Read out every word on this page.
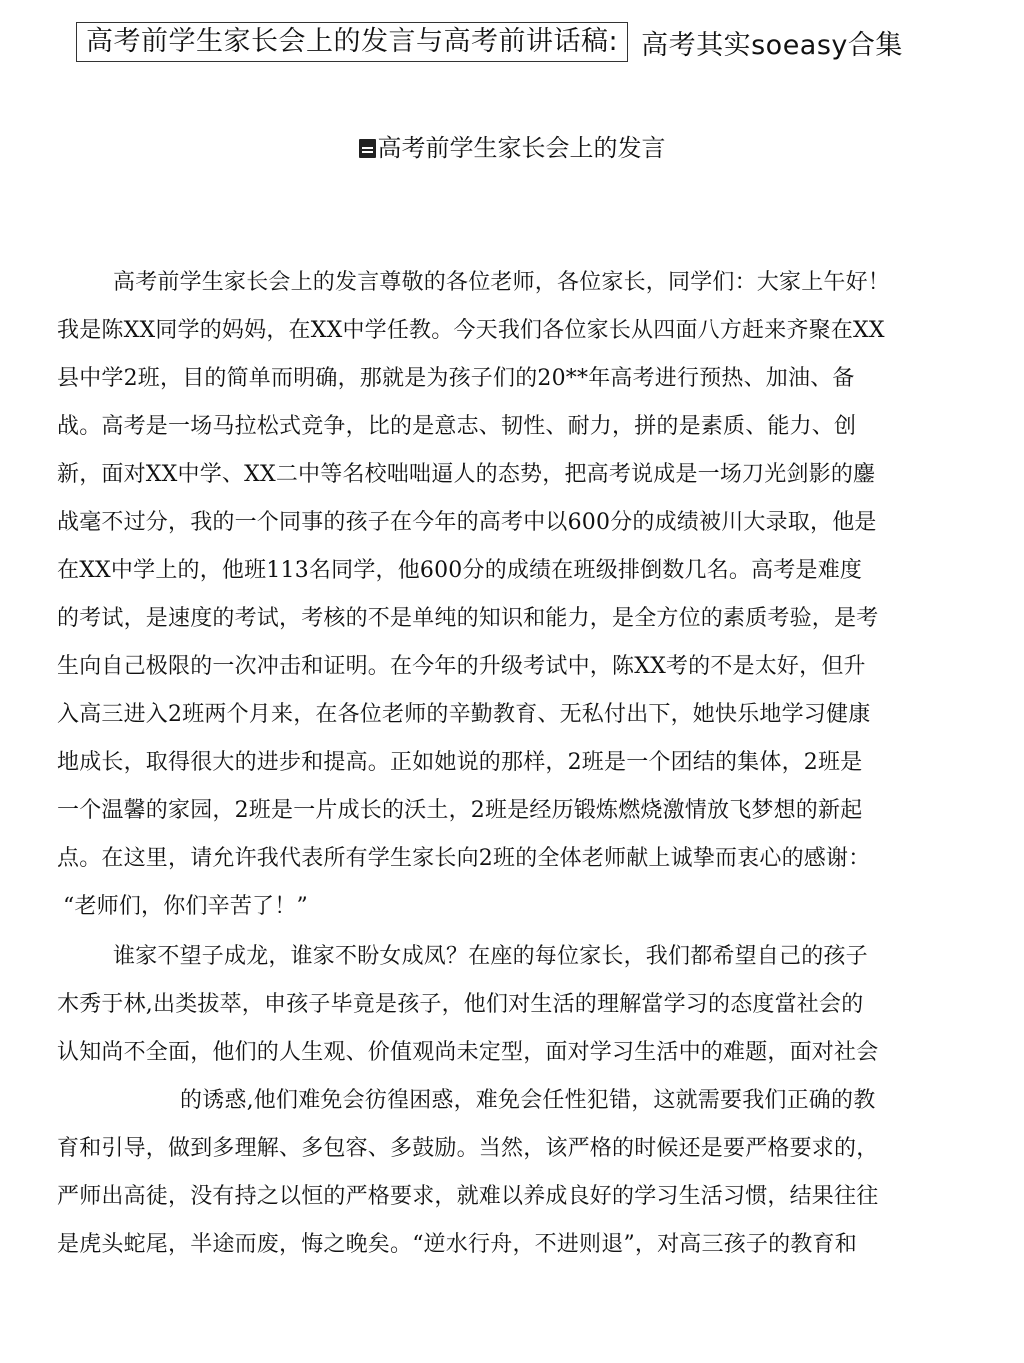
高考前学生家长会上的发言与高考前讲话稿: 高考其实soeasy合集
高考前学生家长会上的发言
高考前学生家长会上的发言尊敬的各位老师，各位家长，同学们：大家上午好！
我是陈XX同学的妈妈，在XX中学任教。今天我们各位家长从四面八方赶来齐聚在XX
县中学2班，目的简单而明确，那就是为孩子们的20**年高考进行预热、加油、备
战。高考是一场马拉松式竞争，比的是意志、韧性、耐力，拼的是素质、能力、创
新，面对XX中学、XX二中等名校咄咄逼人的态势，把高考说成是一场刀光剑影的鏖
战毫不过分，我的一个同事的孩子在今年的高考中以600分的成绩被川大录取，他是
在XX中学上的，他班113名同学，他600分的成绩在班级排倒数几名。高考是难度
的考试，是速度的考试，考核的不是单纯的知识和能力，是全方位的素质考验，是考
生向自己极限的一次冲击和证明。在今年的升级考试中，陈XX考的不是太好，但升
入高三进入2班两个月来，在各位老师的辛勤教育、无私付出下，她快乐地学习健康
地成长，取得很大的进步和提高。正如她说的那样，2班是一个团结的集体，2班是
一个温馨的家园，2班是一片成长的沃土，2班是经历锻炼燃烧激情放飞梦想的新起
点。在这里，请允许我代表所有学生家长向2班的全体老师献上诚挚而衷心的感谢：
“老师们，你们辛苦了！”
谁家不望子成龙，谁家不盼女成凤？在座的每位家长，我们都希望自己的孩子
木秀于林,出类拔萃，申孩子毕竟是孩子，他们对生活的理解當学习的态度當社会的
认知尚不全面，他们的人生观、价值观尚未定型，面对学习生活中的难题，面对社会
的诱惑,他们难免会彷徨困惑，难免会任性犯错，这就需要我们正确的教
育和引导，做到多理解、多包容、多鼓励。当然，该严格的时候还是要严格要求的，
严师出高徒，没有持之以恒的严格要求，就难以养成良好的学习生活习惯，结果往往
是虎头蛇尾，半途而废，悔之晚矣。“逆水行舟，不进则退”，对高三孩子的教育和
